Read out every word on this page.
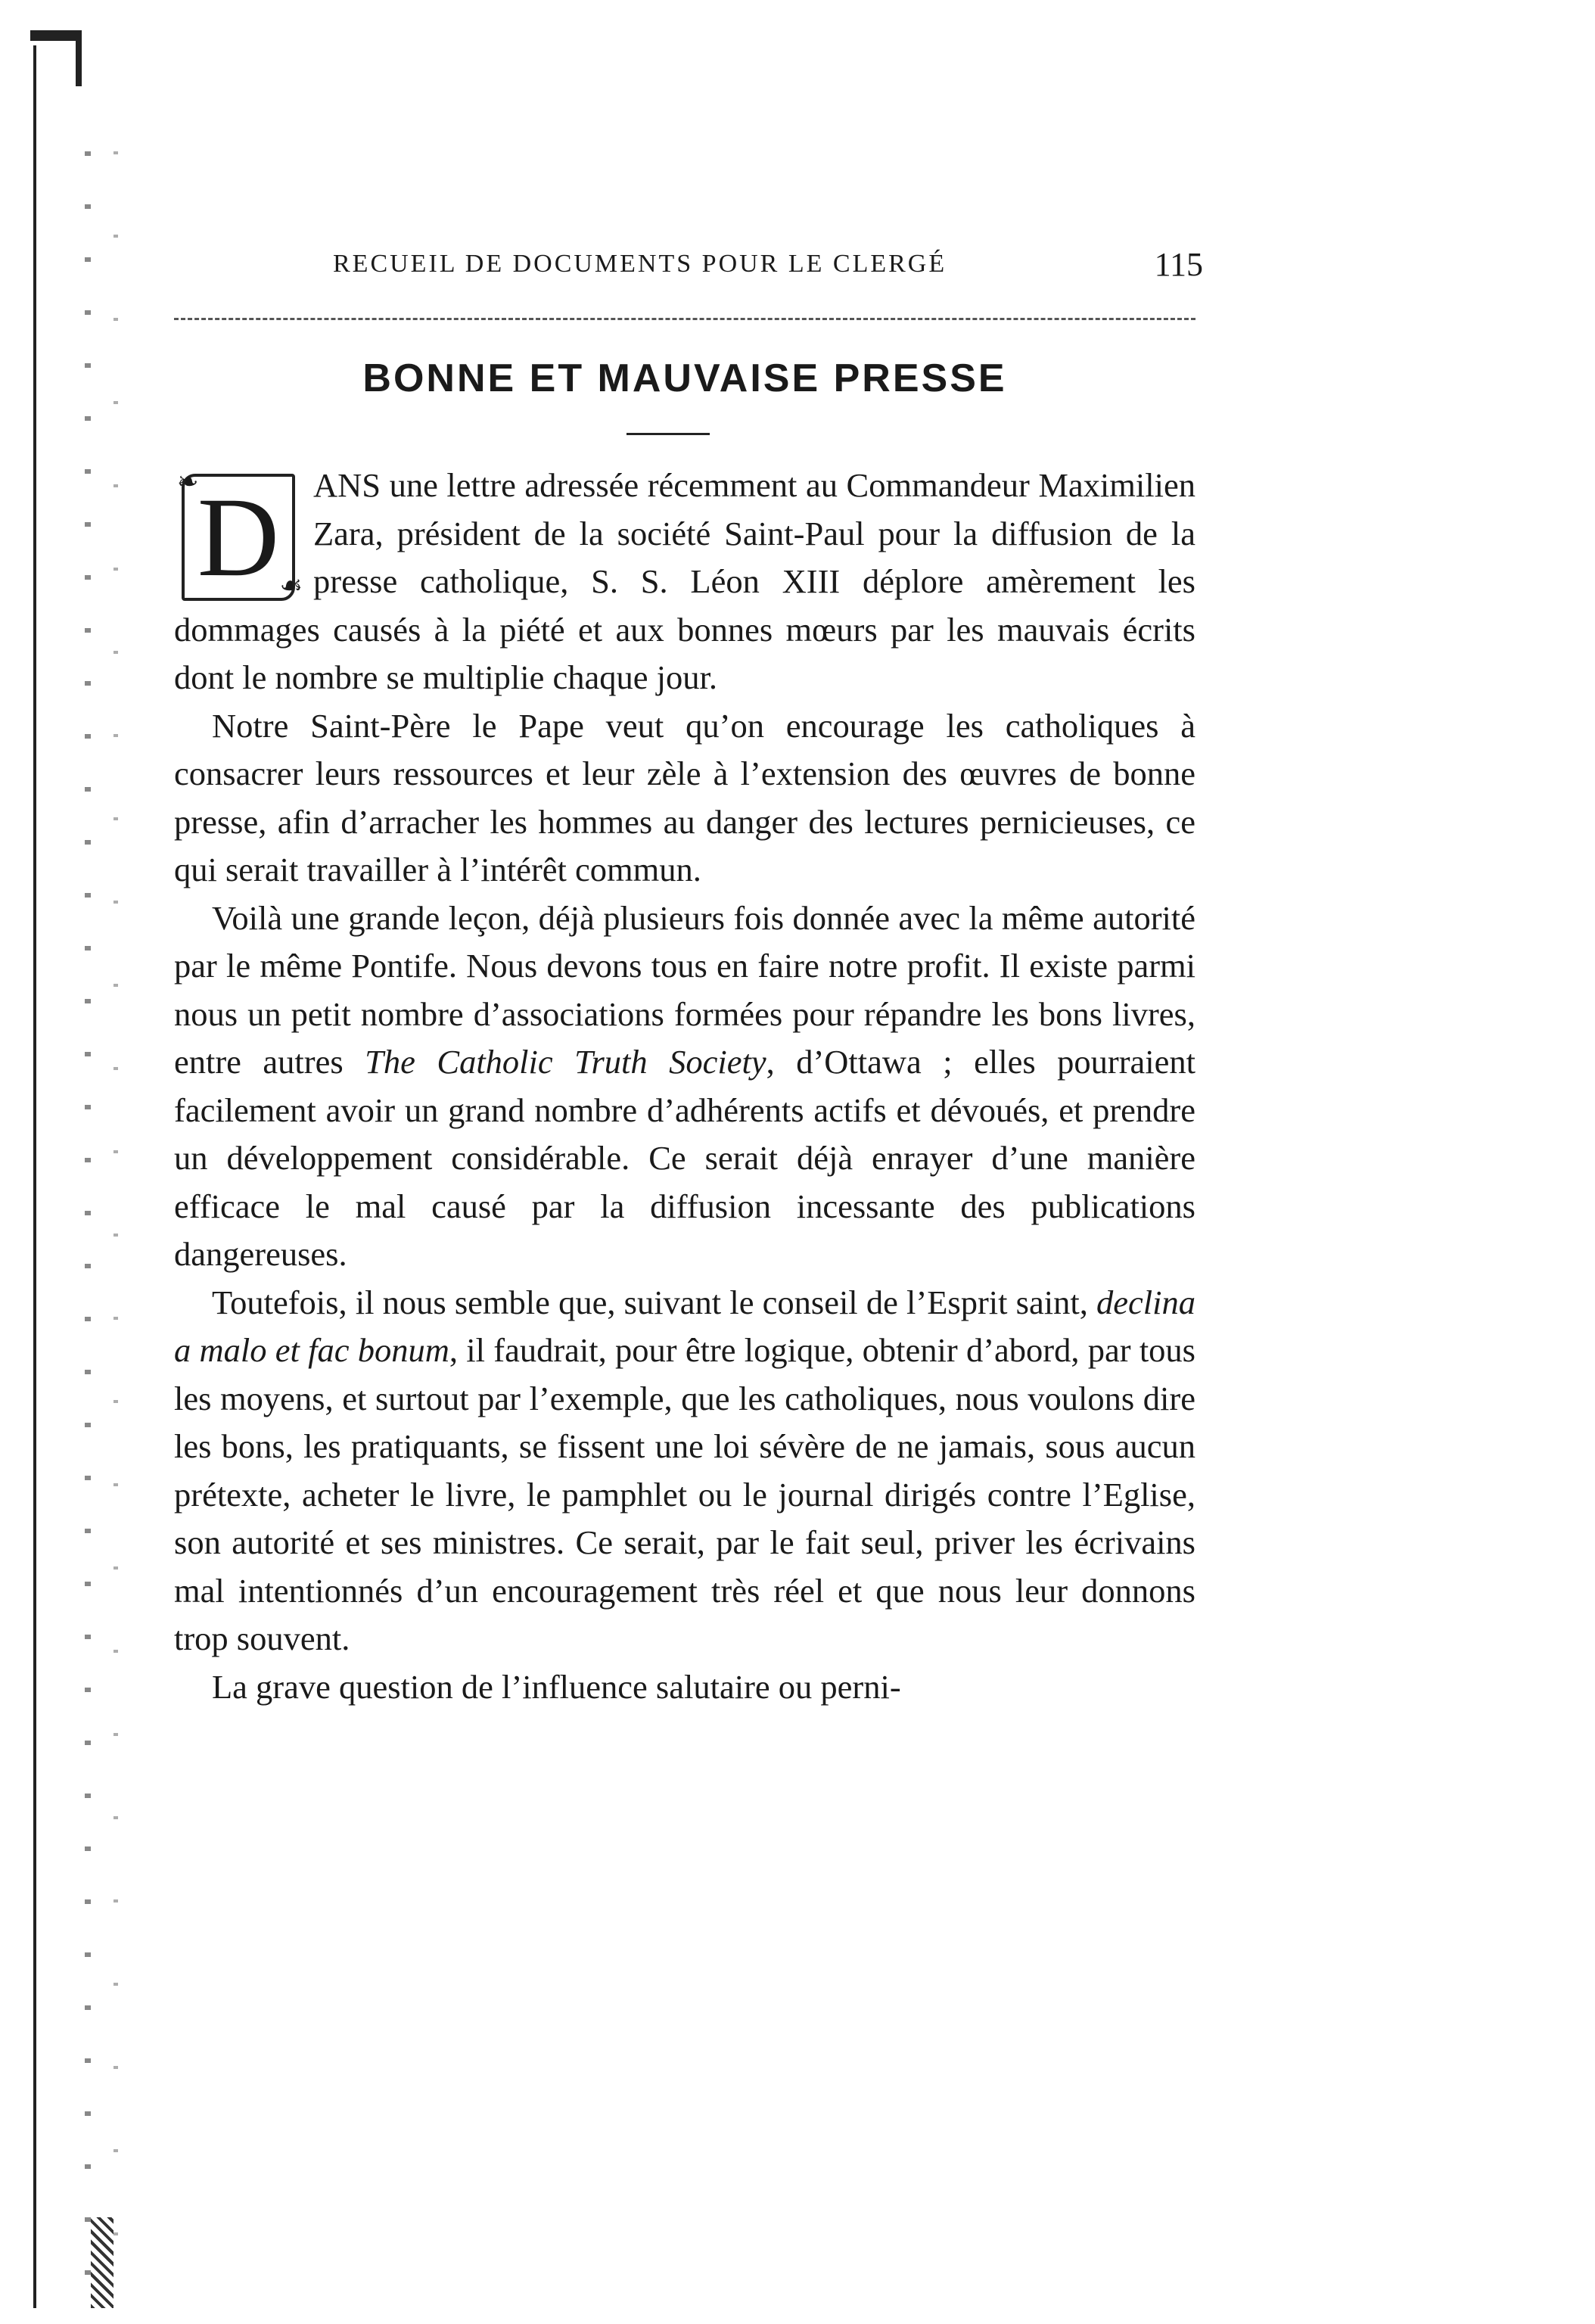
RECUEIL DE DOCUMENTS POUR LE CLERGÉ	115
BONNE ET MAUVAISE PRESSE

❧
☙
D ANS une lettre adressée récemment au Commandeur Maximilien Zara, président de la société Saint-Paul pour la diffusion de la presse catholique, S. S. Léon XIII déplore amèrement les dommages causés à la piété et aux bonnes mœurs par les mauvais écrits dont le nombre se multiplie chaque jour.

Notre Saint-Père le Pape veut qu’on encourage les catholiques à consacrer leurs ressources et leur zèle à l’extension des œuvres de bonne presse, afin d’arracher les hommes au danger des lectures pernicieuses, ce qui serait travailler à l’intérêt commun.

Voilà une grande leçon, déjà plusieurs fois donnée avec la même autorité par le même Pontife. Nous devons tous en faire notre profit. Il existe parmi nous un petit nombre d’associations formées pour répandre les bons livres, entre autres The Catholic Truth Society, d’Ottawa ; elles pourraient facilement avoir un grand nombre d’adhérents actifs et dévoués, et prendre un développement considérable. Ce serait déjà enrayer d’une manière efficace le mal causé par la diffusion incessante des publications dangereuses.

Toutefois, il nous semble que, suivant le conseil de l’Esprit saint, declina a malo et fac bonum, il faudrait, pour être logique, obtenir d’abord, par tous les moyens, et surtout par l’exemple, que les catholiques, nous voulons dire les bons, les pratiquants, se fissent une loi sévère de ne jamais, sous aucun prétexte, acheter le livre, le pamphlet ou le journal dirigés contre l’Eglise, son autorité et ses ministres. Ce serait, par le fait seul, priver les écrivains mal intentionnés d’un encouragement très réel et que nous leur donnons trop souvent.

La grave question de l’influence salutaire ou perni-
